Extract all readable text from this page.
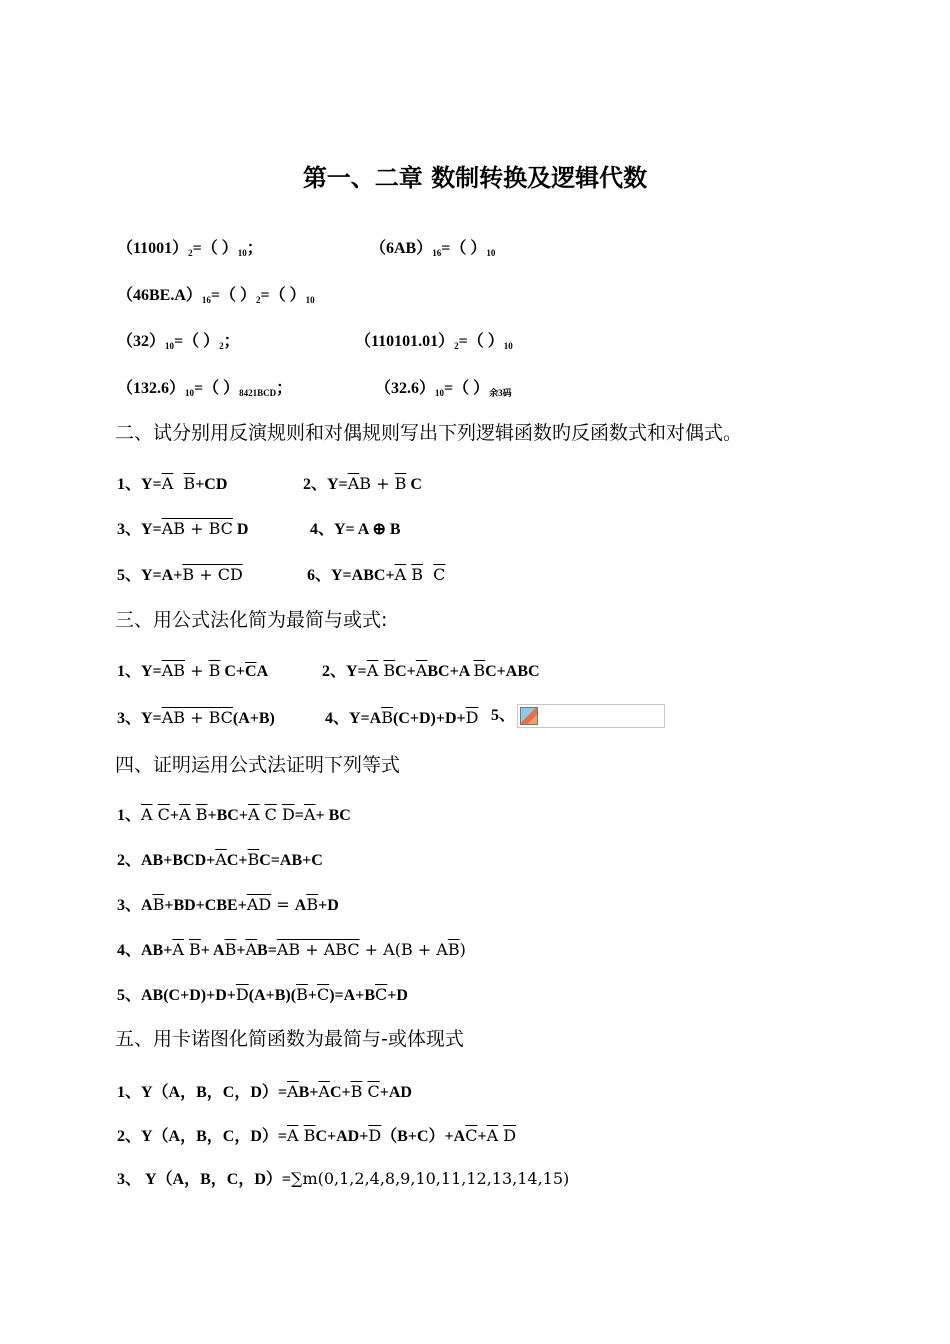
第一、二章 数制转换及逻辑代数
$(11001)_2=$（ ）$_{10}$；	$(6AB)_{16}=$（ ）$_{10}$
$(46BE.A)_{16}=$（ ）$_2=$（ ）$_{10}$
$(32)_{10}=$（ ）$_2$；	$(110101.01)_2=$（ ）$_{10}$
$(132.6)_{10}=$（ ）8421BCD；	$(32.6)_{10}=$（ ）余3码
二、试分别用反演规则和对偶规则写出下列逻辑函数旳反函数式和对偶式。
1、$Y=\overline{A}$ $\overline{B}+CD$	2、$Y=\overline{A}B + \overline{B}$ C
3、Y=AB + BC D	4、Y= A ⊕ B
5、Y=A+B + CD	6、$Y=ABC+\overline{A}$ $\overline{B}$ $\overline{C}$
三、用公式法化简为最简与或式:
1、$Y=\overline{AB} + \overline{B}$ $C+\overline{C}A$	2、$Y=\overline{A}$ $\overline{B}C+\overline{A}BC+A$ $\overline{B}C+ABC$
3、Y=AB + BC(A+B)	4、$Y=A\overline{B}(C+D)+D+\overline{D}$ 5、
四、证明运用公式法证明下列等式
1、$\overline{A}$ $\overline{C}+\overline{A}$ $\overline{B}+BC+\overline{A}$ $\overline{C}$ $\overline{D}=\overline{A}+$ BC
2、$AB+BCD+\overline{A}C+\overline{B}C=AB+C$
3、$A\overline{B}+BD+CBE+\overline{AD} = A\overline{B}+D$
4、$AB+\overline{A}$ $\overline{B}+ A\overline{B}+\overline{A}B=AB$ + ABC + $A(B + A\overline{B})$
5、$AB(C+D)+D+\overline{D}(A+B)(\overline{B}+\overline{C})=A+B\overline{C}+D$
五、用卡诺图化简函数为最简与-或体现式
1、Y（A，B，C，$D)=\overline{A}B+\overline{A}C+\overline{B}$ $\overline{C}+AD$
2、Y（A，B，C，$D)=\overline{A}$ $\overline{B}C+AD+\overline{D}(B+C)+A\overline{C}+\overline{A}$ $\overline{D}$
3、 Y（A，B，C，D）=∑m(0,1,2,4,8,9,10,11,12,13,14,15)
